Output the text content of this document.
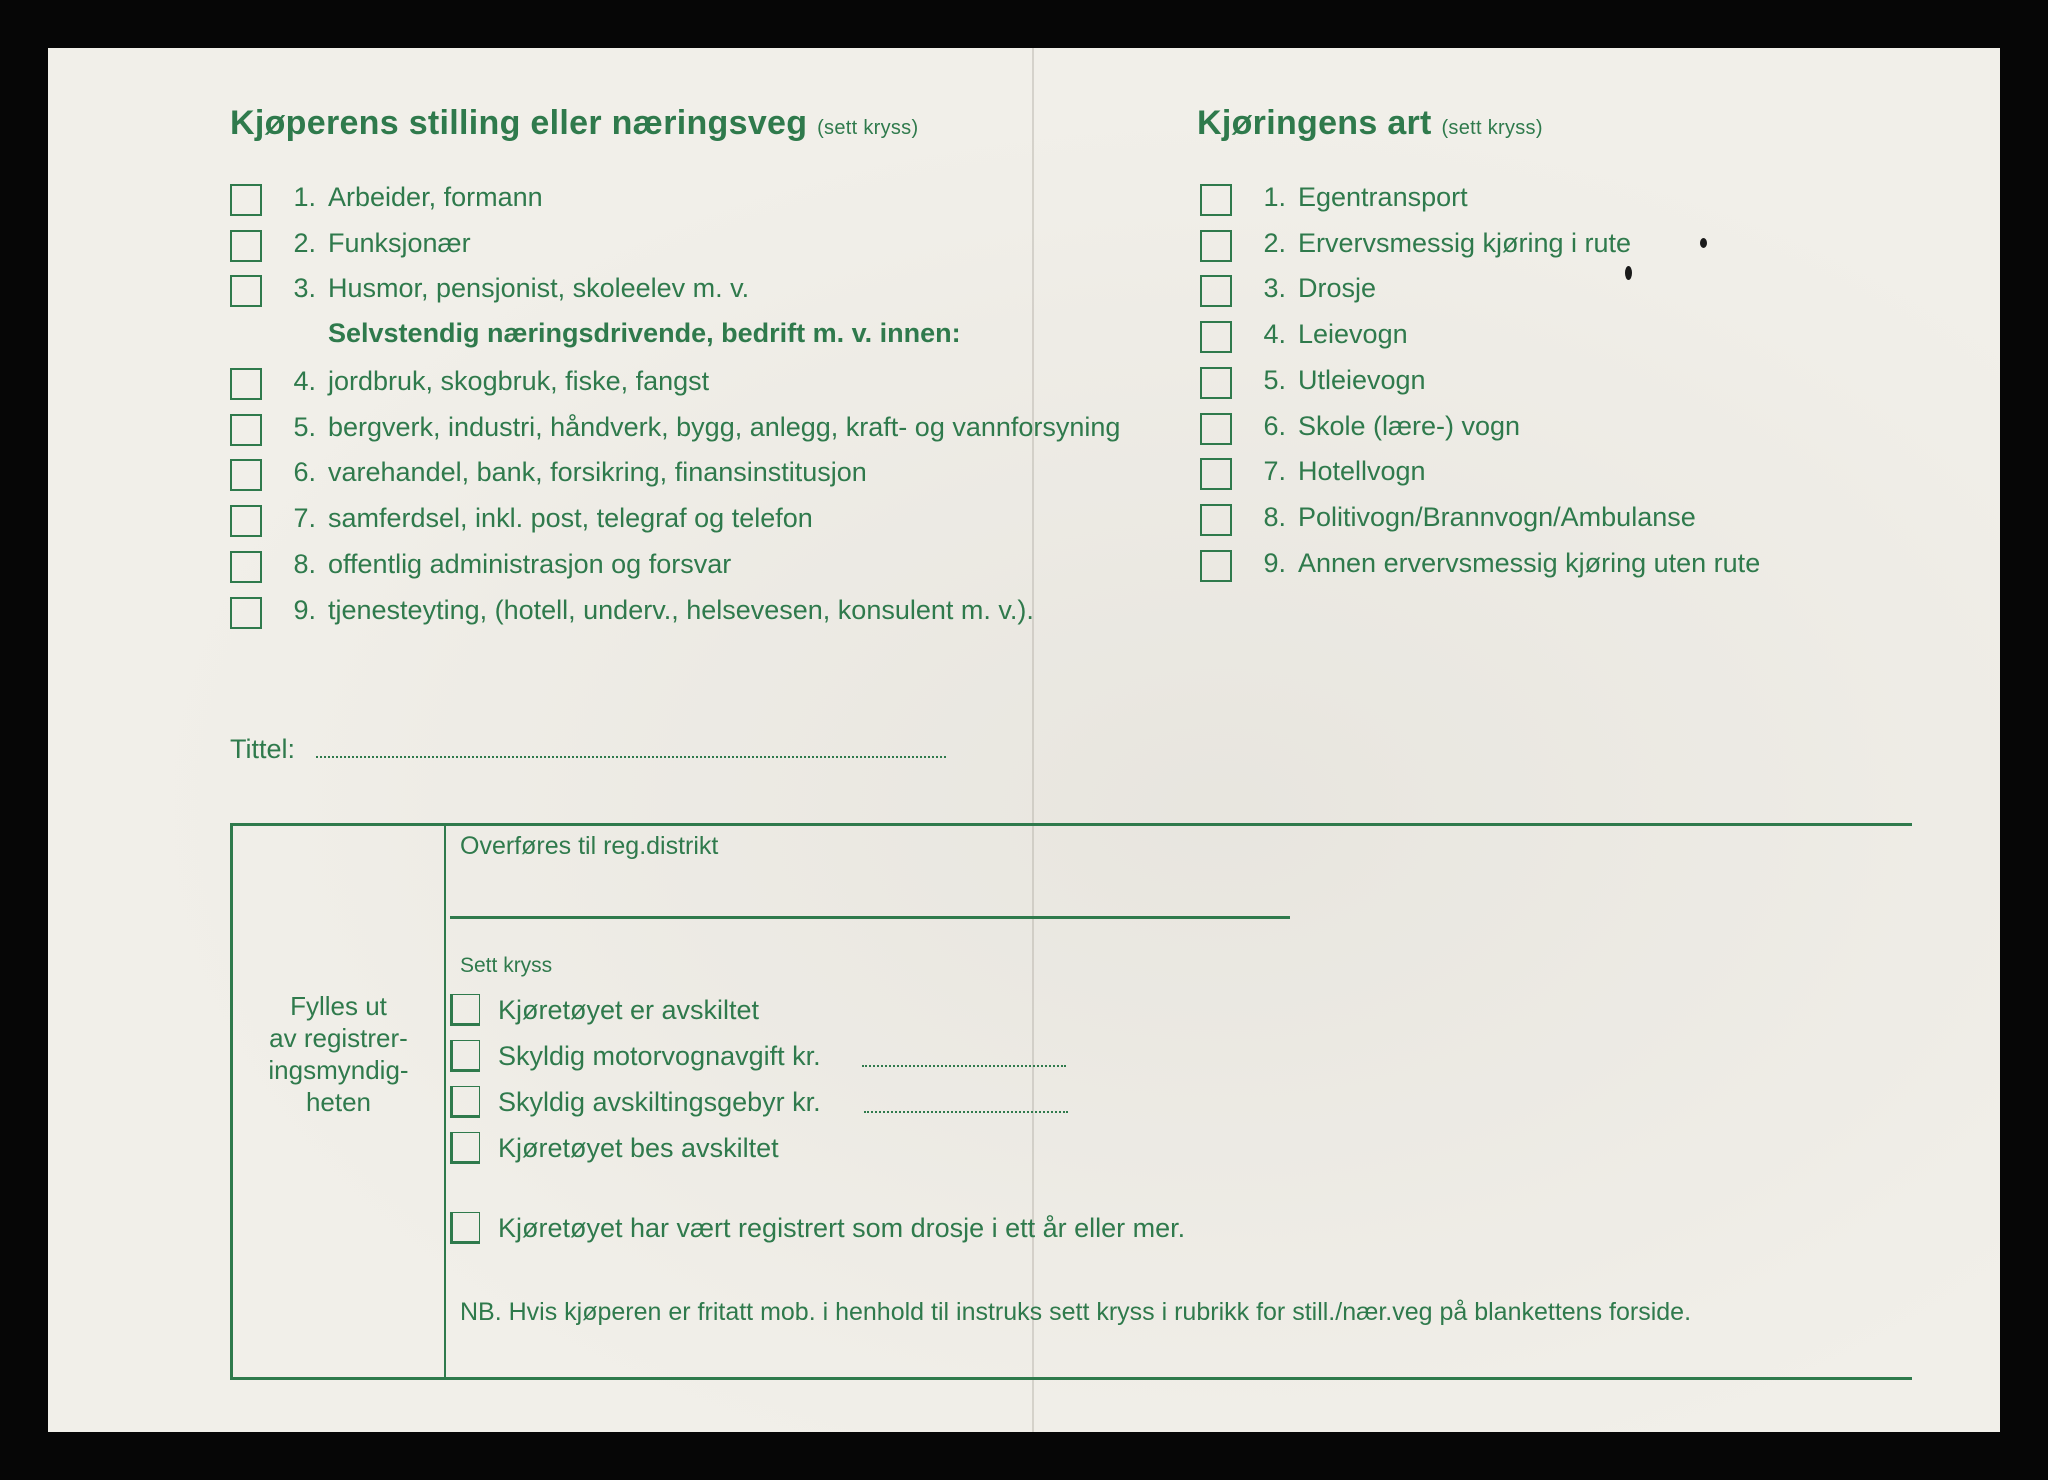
Kjøperens stilling eller næringsveg (sett kryss)
1. Arbeider, formann
2. Funksjonær
3. Husmor, pensjonist, skoleelev m. v.
Selvstendig næringsdrivende, bedrift m. v. innen:
4. jordbruk, skogbruk, fiske, fangst
5. bergverk, industri, håndverk, bygg, anlegg, kraft- og vannforsyning
6. varehandel, bank, forsikring, finansinstitusjon
7. samferdsel, inkl. post, telegraf og telefon
8. offentlig administrasjon og forsvar
9. tjenesteyting, (hotell, underv., helsevesen, konsulent m. v.).
Kjøringens art (sett kryss)
1. Egentransport
2. Ervervsmessig kjøring i rute
3. Drosje
4. Leievogn
5. Utleievogn
6. Skole (lære-) vogn
7. Hotellvogn
8. Politivogn/Brannvogn/Ambulanse
9. Annen ervervsmessig kjøring uten rute
Tittel:
Fylles ut
av registrer-
ingsmyndig-
heten
Overføres til reg.distrikt
Sett kryss
Kjøretøyet er avskiltet
Skyldig motorvognavgift kr.
Skyldig avskiltingsgebyr kr.
Kjøretøyet bes avskiltet
Kjøretøyet har vært registrert som drosje i ett år eller mer.
NB. Hvis kjøperen er fritatt mob. i henhold til instruks sett kryss i rubrikk for still./nær.veg på blankettens forside.
